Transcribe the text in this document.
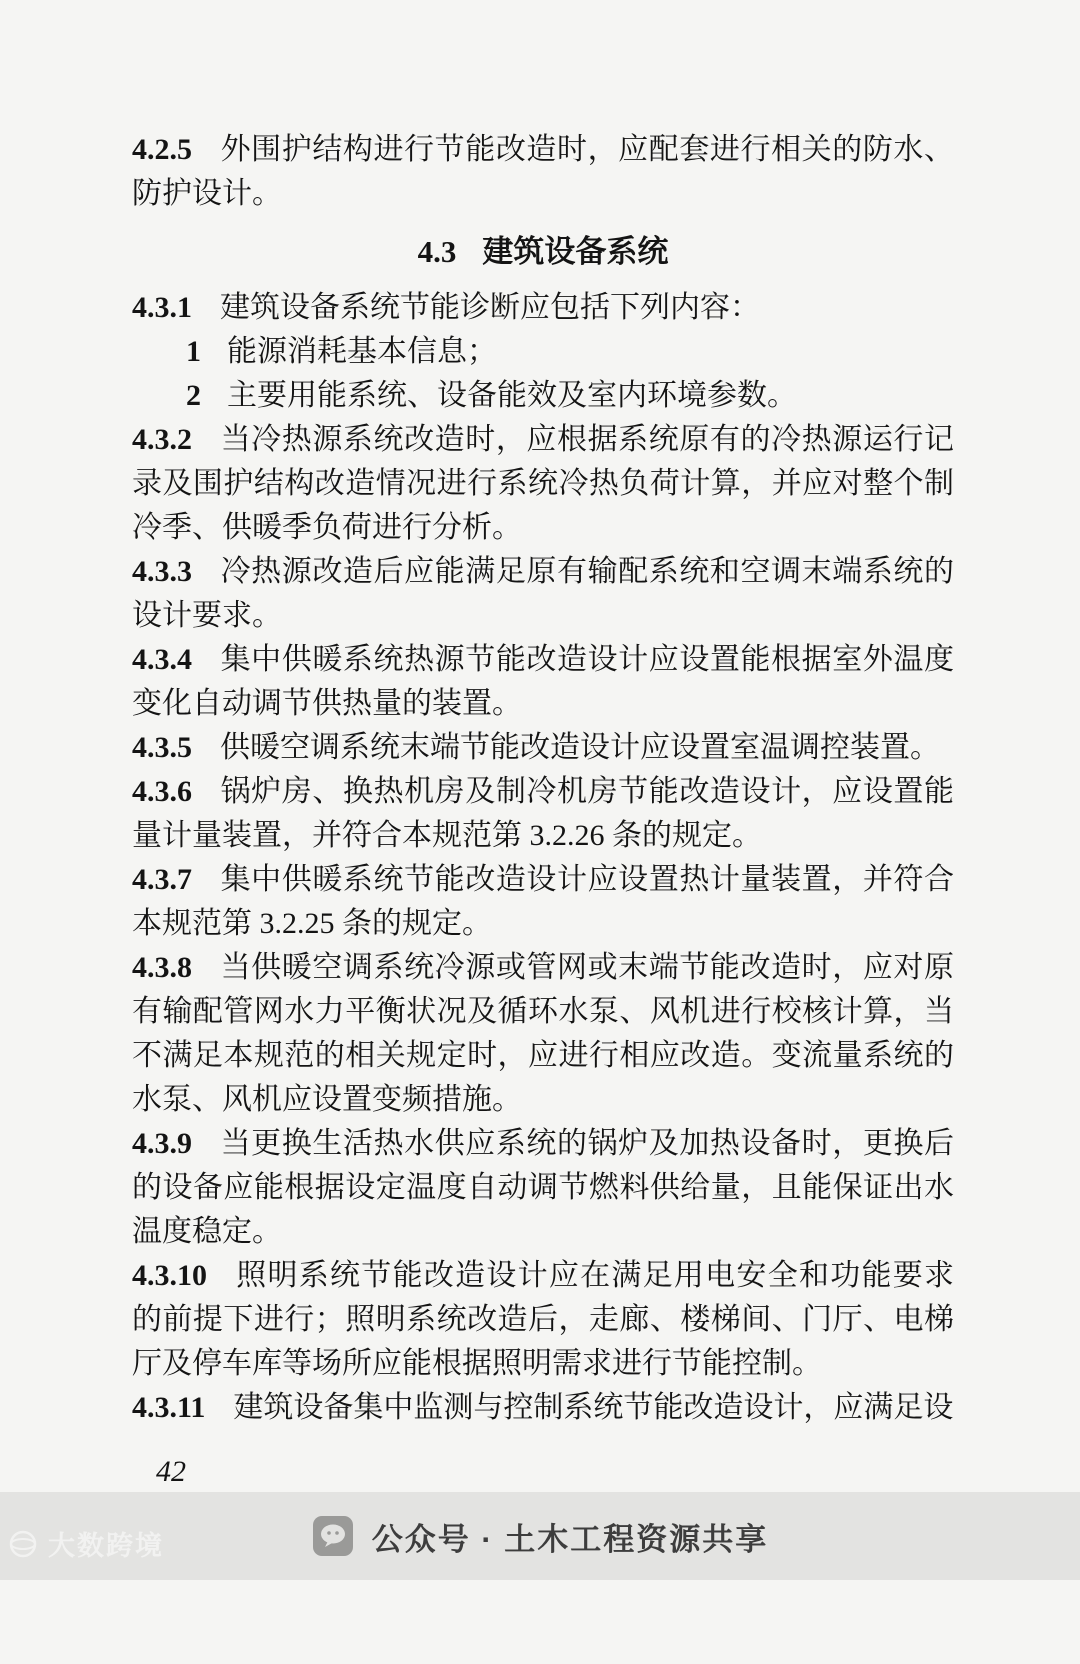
4.2.5 外围护结构进行节能改造时，应配套进行相关的防水、防护设计。

4.3 建筑设备系统

4.3.1 建筑设备系统节能诊断应包括下列内容：

1 能源消耗基本信息；

2 主要用能系统、设备能效及室内环境参数。

4.3.2 当冷热源系统改造时，应根据系统原有的冷热源运行记录及围护结构改造情况进行系统冷热负荷计算，并应对整个制冷季、供暖季负荷进行分析。

4.3.3 冷热源改造后应能满足原有输配系统和空调末端系统的设计要求。

4.3.4 集中供暖系统热源节能改造设计应设置能根据室外温度变化自动调节供热量的装置。

4.3.5 供暖空调系统末端节能改造设计应设置室温调控装置。

4.3.6 锅炉房、换热机房及制冷机房节能改造设计，应设置能量计量装置，并符合本规范第 3.2.26 条的规定。

4.3.7 集中供暖系统节能改造设计应设置热计量装置，并符合本规范第 3.2.25 条的规定。

4.3.8 当供暖空调系统冷源或管网或末端节能改造时，应对原有输配管网水力平衡状况及循环水泵、风机进行校核计算，当不满足本规范的相关规定时，应进行相应改造。变流量系统的水泵、风机应设置变频措施。

4.3.9 当更换生活热水供应系统的锅炉及加热设备时，更换后的设备应能根据设定温度自动调节燃料供给量，且能保证出水温度稳定。

4.3.10 照明系统节能改造设计应在满足用电安全和功能要求的前提下进行；照明系统改造后，走廊、楼梯间、门厅、电梯厅及停车库等场所应能根据照明需求进行节能控制。

4.3.11 建筑设备集中监测与控制系统节能改造设计，应满足设

42

公众号 · 土木工程资源共享
大数跨境
